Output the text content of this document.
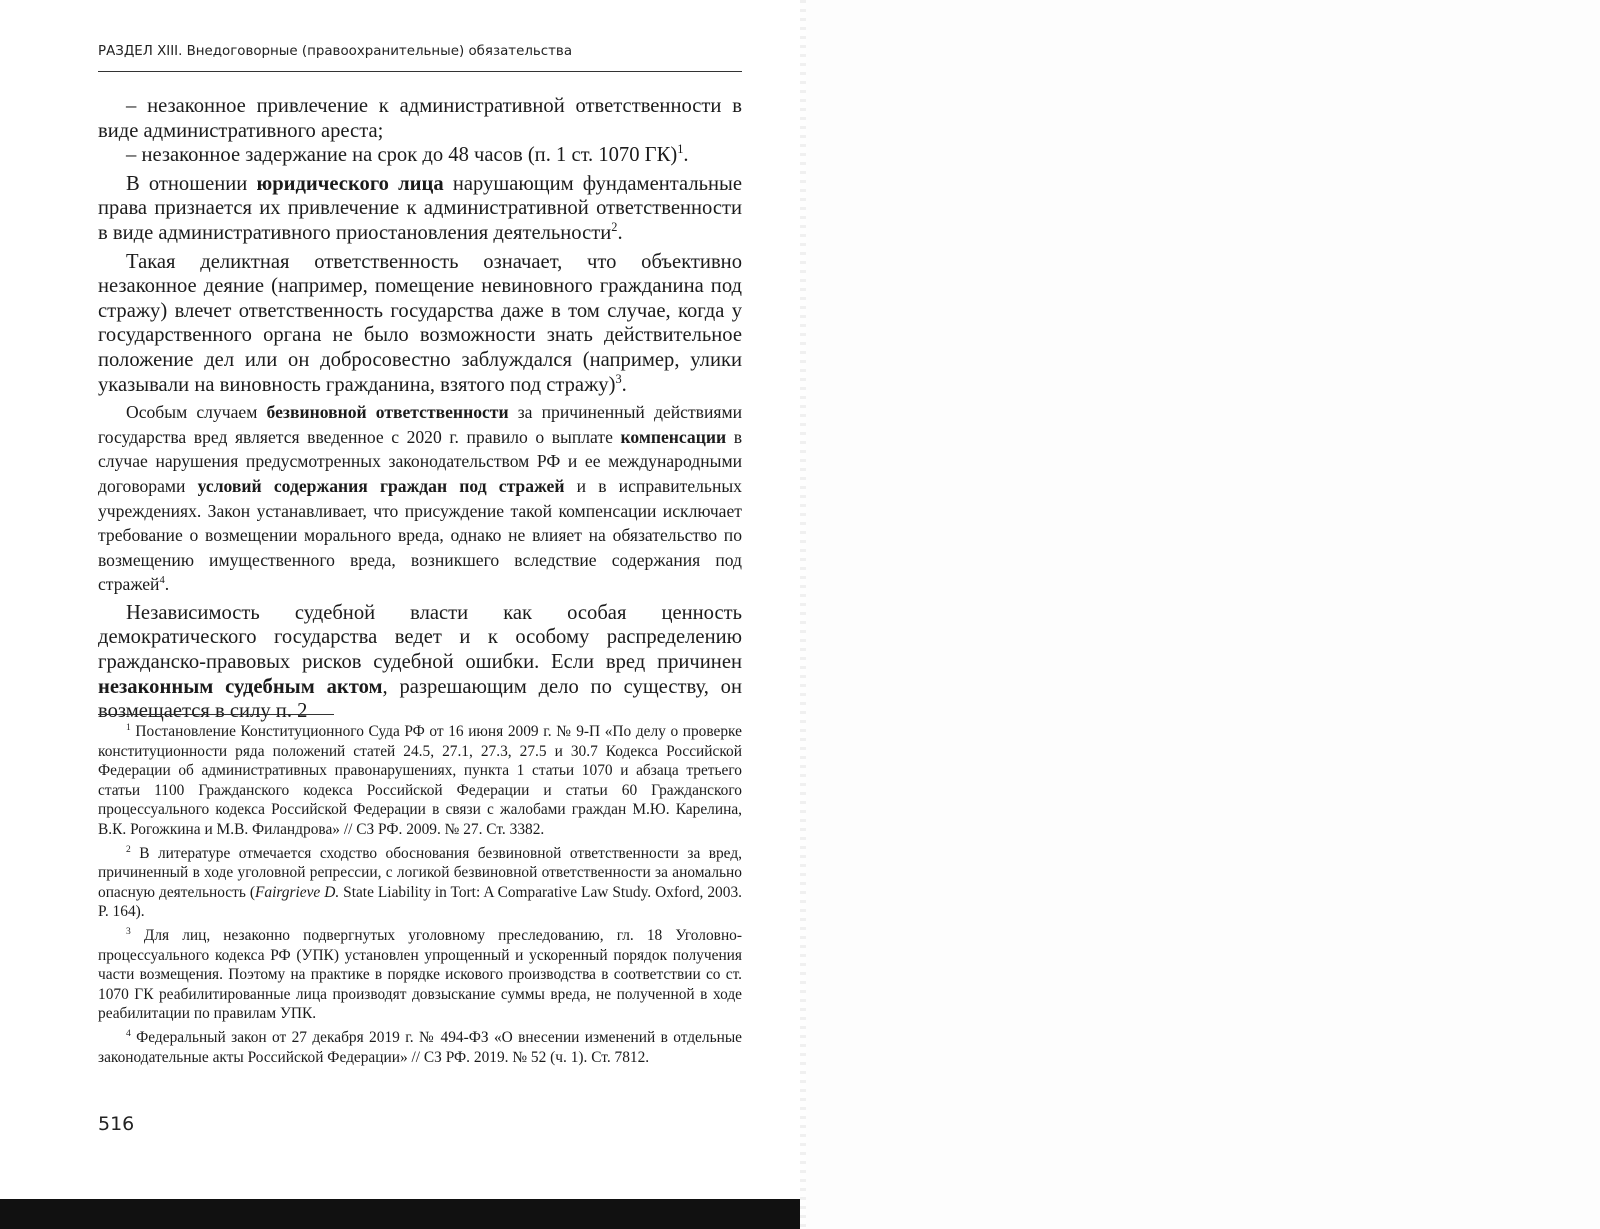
РАЗДЕЛ XIII. Внедоговорные (правоохранительные) обязательства

– незаконное привлечение к административной ответственности в виде административного ареста;

– незаконное задержание на срок до 48 часов (п. 1 ст. 1070 ГК)$^1$.

В отношении юридического лица нарушающим фундаментальные права признается их привлечение к административной ответственности в виде административного приостановления деятельности$^2$.

Такая деликтная ответственность означает, что объективно незаконное деяние (например, помещение невиновного гражданина под стражу) влечет ответственность государства даже в том случае, когда у государственного органа не было возможности знать действительное положение дел или он добросовестно заблуждался (например, улики указывали на виновность гражданина, взятого под стражу)$^3$.

Особым случаем безвиновной ответственности за причиненный действиями государства вред является введенное с 2020 г. правило о выплате компенсации в случае нарушения предусмотренных законодательством РФ и ее международными договорами условий содержания граждан под стражей и в исправительных учреждениях. Закон устанавливает, что присуждение такой компенсации исключает требование о возмещении морального вреда, однако не влияет на обязательство по возмещению имущественного вреда, возникшего вследствие содержания под стражей$^4$.

Независимость судебной власти как особая ценность демократического государства ведет и к особому распределению гражданско-правовых рисков судебной ошибки. Если вред причинен незаконным судебным актом, разрешающим дело по существу, он возмещается в силу п. 2

$^1$ Постановление Конституционного Суда РФ от 16 июня 2009 г. № 9-П «По делу о проверке конституционности ряда положений статей 24.5, 27.1, 27.3, 27.5 и 30.7 Кодекса Российской Федерации об административных правонарушениях, пункта 1 статьи 1070 и абзаца третьего статьи 1100 Гражданского кодекса Российской Федерации и статьи 60 Гражданского процессуального кодекса Российской Федерации в связи с жалобами граждан М.Ю. Карелина, В.К. Рогожкина и М.В. Филандрова» // СЗ РФ. 2009. № 27. Ст. 3382.

$^2$ В литературе отмечается сходство обоснования безвиновной ответственности за вред, причиненный в ходе уголовной репрессии, с логикой безвиновной ответственности за аномально опасную деятельность (Fairgrieve D. State Liability in Tort: A Comparative Law Study. Oxford, 2003. P. 164).

$^3$ Для лиц, незаконно подвергнутых уголовному преследованию, гл. 18 Уголовно-процессуального кодекса РФ (УПК) установлен упрощенный и ускоренный порядок получения части возмещения. Поэтому на практике в порядке искового производства в соответствии со ст. 1070 ГК реабилитированные лица производят довзыскание суммы вреда, не полученной в ходе реабилитации по правилам УПК.

$^4$ Федеральный закон от 27 декабря 2019 г. № 494-ФЗ «О внесении изменений в отдельные законодательные акты Российской Федерации» // СЗ РФ. 2019. № 52 (ч. 1). Ст. 7812.

516
